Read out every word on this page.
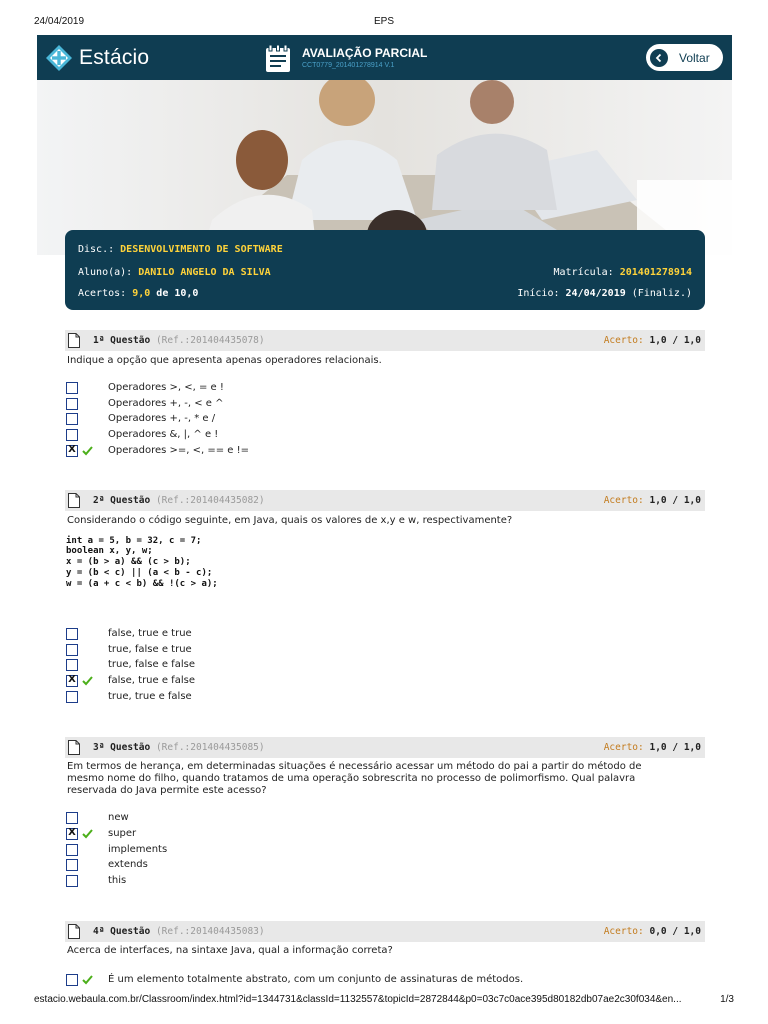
24/04/2019	EPS
Estácio	AVALIAÇÃO PARCIAL
CCT0779_201401278914 V.1
Voltar
Disc.: DESENVOLVIMENTO DE SOFTWARE
Aluno(a): DANILO ANGELO DA SILVA	Matrícula: 201401278914
Acertos: 9,0 de 10,0	Início: 24/04/2019 (Finaliz.)
1ª Questão (Ref.:201404435078)	Acerto: 1,0 / 1,0
Indique a opção que apresenta apenas operadores relacionais.
Operadores >, <, = e !
Operadores +, -, < e ^
Operadores +, -, * e /
Operadores &, |, ^ e !
X
Operadores >=, <, == e !=
2ª Questão (Ref.:201404435082)	Acerto: 1,0 / 1,0
Considerando o código seguinte, em Java, quais os valores de x,y e w, respectivamente?
int a = 5, b = 32, c = 7;
boolean x, y, w;
x = (b > a) && (c > b);
y = (b < c) || (a < b - c);
w = (a + c < b) && !(c > a);
false, true e true
true, false e true
true, false e false
X
false, true e false
true, true e false
3ª Questão (Ref.:201404435085)	Acerto: 1,0 / 1,0
Em termos de herança, em determinadas situações é necessário acessar um método do pai a partir do método de
mesmo nome do filho, quando tratamos de uma operação sobrescrita no processo de polimorfismo. Qual palavra
reservada do Java permite este acesso?
new
X
super
implements
extends
this
4ª Questão (Ref.:201404435083)	Acerto: 0,0 / 1,0
Acerca de interfaces, na sintaxe Java, qual a informação correta?
É um elemento totalmente abstrato, com um conjunto de assinaturas de métodos.
estacio.webaula.com.br/Classroom/index.html?id=1344731&classId=1132557&topicId=2872844&p0=03c7c0ace395d80182db07ae2c30f034&en...	1/3
